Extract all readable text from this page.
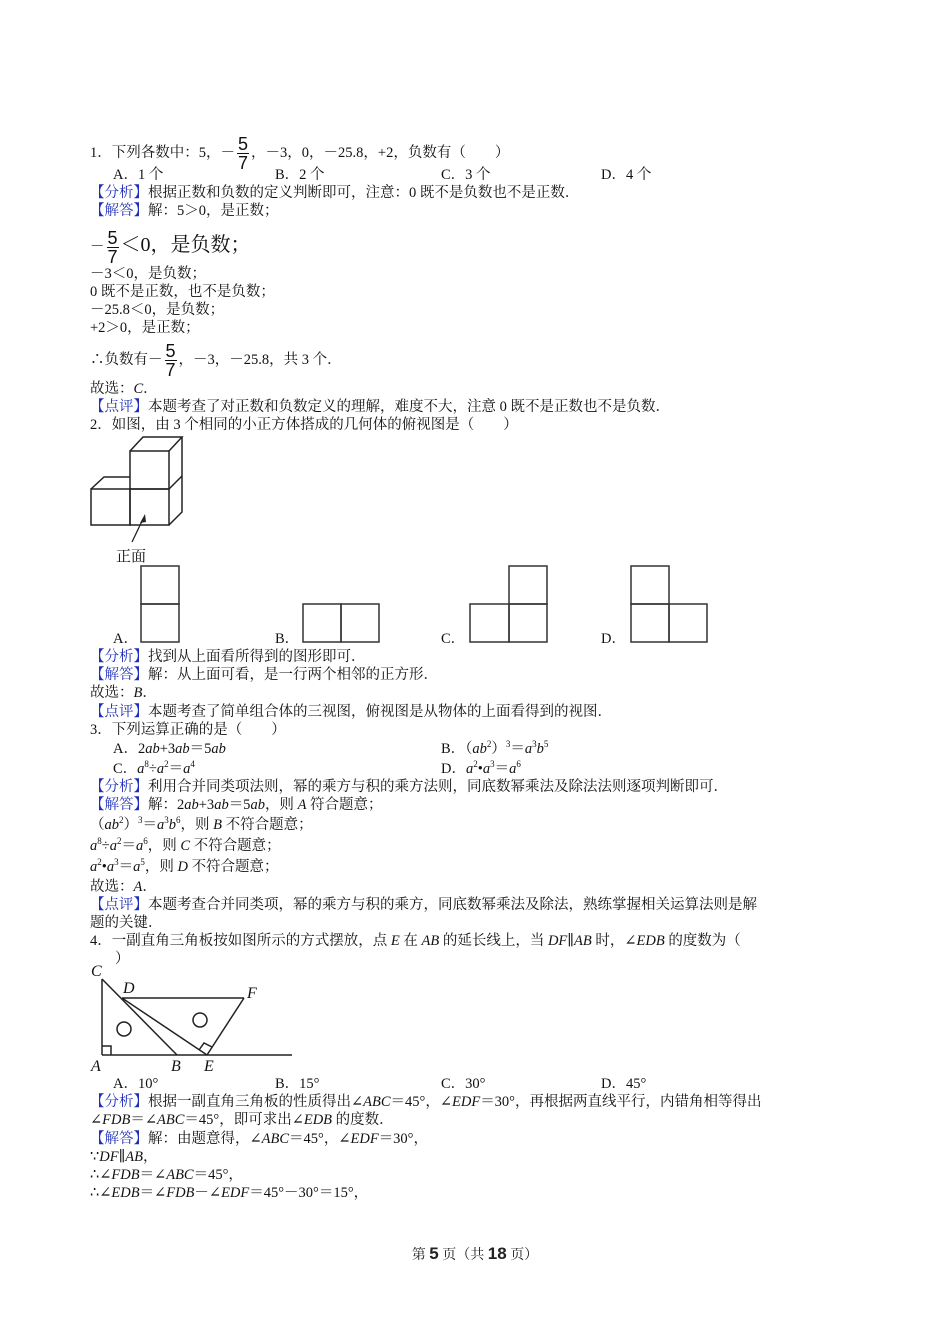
1．下列各数中：5，－ $\frac{5}{7}$ ，－3，0，－25.8，+2，负数有（　　）
A．1 个	B．2 个	C．3 个	D．4 个
【分析】根据正数和负数的定义判断即可，注意：0 既不是负数也不是正数．
【解答】解：5＞0，是正数；
－ $\frac{5}{7} <0$，是负数；
－3＜0，是负数；
0 既不是正数，也不是负数；
－25.8＜0，是负数；
+2＞0，是正数；
∴负数有－ $\frac{5}{7}$ ，－3，－25.8，共 3 个．
故选：C．
【点评】本题考查了对正数和负数定义的理解，难度不大，注意 0 既不是正数也不是负数．
2．如图，由 3 个相同的小正方体搭成的几何体的俯视图是（　　）
正面
A．	B．	C．	D．
【分析】找到从上面看所得到的图形即可．
【解答】解：从上面可看，是一行两个相邻的正方形．
故选：B．
【点评】本题考查了简单组合体的三视图，俯视图是从物体的上面看得到的视图．
3．下列运算正确的是（　　）
A．2ab+3ab＝5ab	B．$(ab^2)^3=a^3b^5$
C．$a^8\div a^2=a^4$	D．$a^2•a^3=a^6$
【分析】利用合并同类项法则，幂的乘方与积的乘方法则，同底数幂乘法及除法法则逐项判断即可．
【解答】解：2ab+3ab＝5ab，则 A 符合题意；
$(ab^2)^3=a^3b^6$，则 B 不符合题意；
$a^8\div a^2=a^6$，则 C 不符合题意；
$a^2•a^3=a^5$，则 D 不符合题意；
故选：A．
【点评】本题考查合并同类项，幂的乘方与积的乘方，同底数幂乘法及除法，熟练掌握相关运算法则是解
题的关键．
4．一副直角三角板按如图所示的方式摆放，点 E 在 AB 的延长线上，当 DF∥AB 时，∠EDB 的度数为（
）
C
D	F
A	B E
A．10°	B．15°	C．30°	D．45°
【分析】根据一副直角三角板的性质得出∠ABC＝45°，∠EDF＝30°，再根据两直线平行，内错角相等得出
∠FDB＝∠ABC＝45°，即可求出∠EDB 的度数．
【解答】解：由题意得，∠ABC＝45°，∠EDF＝30°，
∵DF∥AB，
∴∠FDB＝∠ABC＝45°，
∴∠EDB＝∠FDB－∠EDF＝45°－30°＝15°，
第 5 页（共 18 页）
